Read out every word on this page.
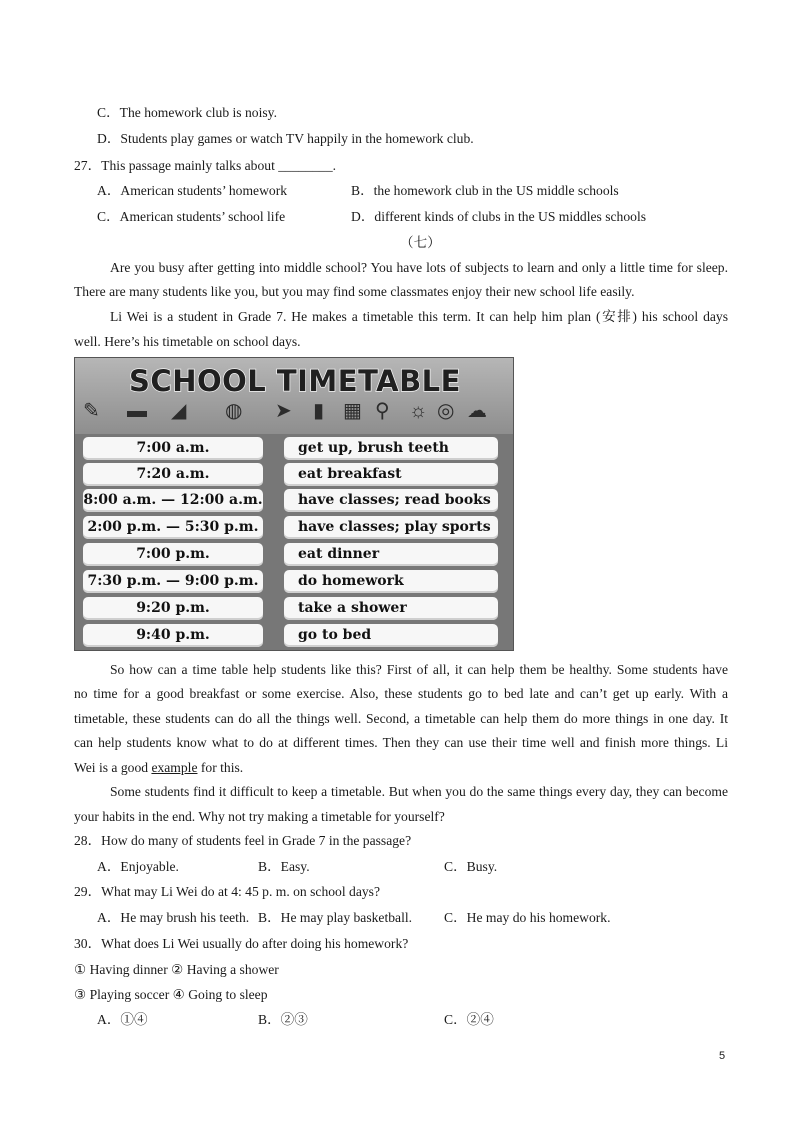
C．The homework club is noisy.
D．Students play games or watch TV happily in the homework club.
27．This passage mainly talks about ________.
A．American students’ homework	B．the homework club in the US middle schools
C．American students’ school life	D．different kinds of clubs in the US middles schools
（七）
Are you busy after getting into middle school? You have lots of subjects to learn and only a little time for sleep.
There are many students like you, but you may find some classmates enjoy their new school life easily.
Li Wei is a student in Grade 7. He makes a timetable this term. It can help him plan (安排) his school days
well. Here’s his timetable on school days.
SCHOOL TIMETABLE
✎ ▬ ◢ ◍ ➤ ▮ ▦ ⚲ ☼ ◎ ☁
7:00 a.m.	get up, brush teeth
7:20 a.m.	eat breakfast
8:00 a.m. — 12:00 a.m.	have classes; read books
2:00 p.m. — 5:30 p.m.	have classes; play sports
7:00 p.m.	eat dinner
7:30 p.m. — 9:00 p.m.	do homework
9:20 p.m.	take a shower
9:40 p.m.	go to bed
So how can a time table help students like this? First of all, it can help them be healthy. Some students have
no time for a good breakfast or some exercise. Also, these students go to bed late and can’t get up early. With a
timetable, these students can do all the things well. Second, a timetable can help them do more things in one day. It
can help students know what to do at different times. Then they can use their time well and finish more things. Li
Wei is a good example for this.
Some students find it difficult to keep a timetable. But when you do the same things every day, they can become
your habits in the end. Why not try making a timetable for yourself?
28．How do many of students feel in Grade 7 in the passage?
A．Enjoyable.	B．Easy.	C．Busy.
29．What may Li Wei do at 4: 45 p. m. on school days?
A．He may brush his teeth. B．He may play basketball. C．He may do his homework.
30．What does Li Wei usually do after doing his homework?
① Having dinner ② Having a shower
③ Playing soccer ④ Going to sleep
A．①④	B．②③	C．②④
5
